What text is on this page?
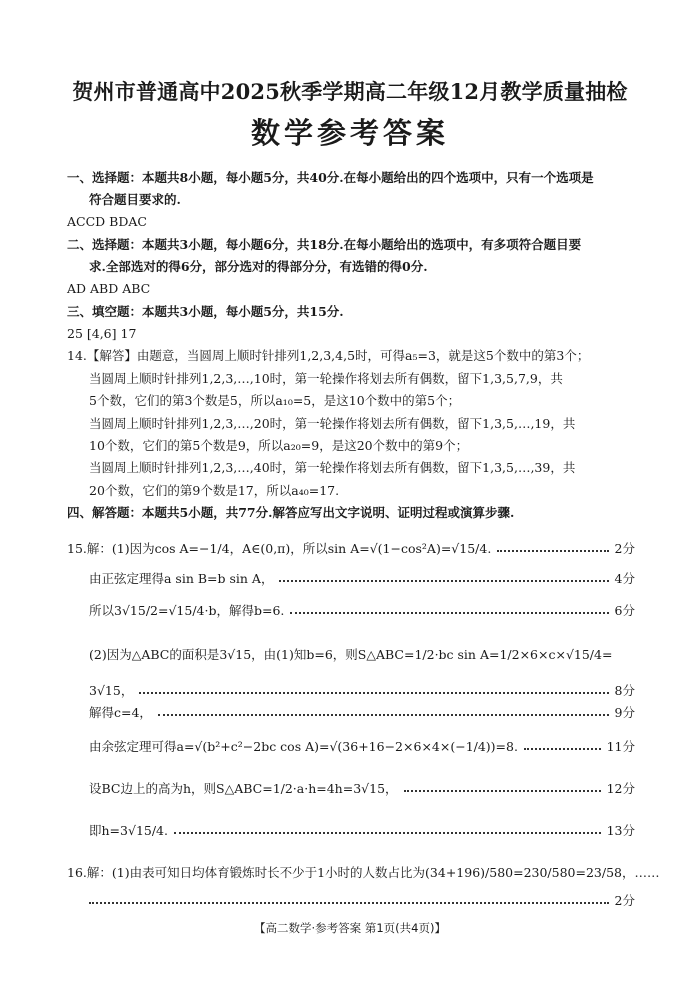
贺州市普通高中2025秋季学期高二年级12月教学质量抽检
数学参考答案
一、选择题：本题共8小题，每小题5分，共40分.在每小题给出的四个选项中，只有一个选项是
符合题目要求的.
ACCD BDAC
二、选择题：本题共3小题，每小题6分，共18分.在每小题给出的选项中，有多项符合题目要
求.全部选对的得6分，部分选对的得部分分，有选错的得0分.
AD ABD ABC
三、填空题：本题共3小题，每小题5分，共15分.
25 [4,6] 17
14.【解答】由题意，当圆周上顺时针排列1,2,3,4,5时，可得a₅=3，就是这5个数中的第3个；
当圆周上顺时针排列1,2,3,…,10时，第一轮操作将划去所有偶数，留下1,3,5,7,9，共
5个数，它们的第3个数是5，所以a₁₀=5，是这10个数中的第5个；
当圆周上顺时针排列1,2,3,…,20时，第一轮操作将划去所有偶数，留下1,3,5,…,19，共
10个数，它们的第5个数是9，所以a₂₀=9，是这20个数中的第9个；
当圆周上顺时针排列1,2,3,…,40时，第一轮操作将划去所有偶数，留下1,3,5,…,39，共
20个数，它们的第9个数是17，所以a₄₀=17.
四、解答题：本题共5小题，共77分.解答应写出文字说明、证明过程或演算步骤.
15.解：(1)因为cos A=−1/4，A∈(0,π)，所以sin A=√(1−cos²A)=√15/4.	2分
由正弦定理得a sin B=b sin A，	4分
所以3√15/2=√15/4·b，解得b=6.	6分
(2)因为△ABC的面积是3√15，由(1)知b=6，则S△ABC=1/2·bc sin A=1/2×6×c×√15/4=
3√15，	8分
解得c=4，	9分
由余弦定理可得a=√(b²+c²−2bc cos A)=√(36+16−2×6×4×(−1/4))=8.	11分
设BC边上的高为h，则S△ABC=1/2·a·h=4h=3√15，	12分
即h=3√15/4.	13分
16.解：(1)由表可知日均体育锻炼时长不少于1小时的人数占比为(34+196)/580=230/580=23/58，……
2分
【高二数学·参考答案 第1页(共4页)】
